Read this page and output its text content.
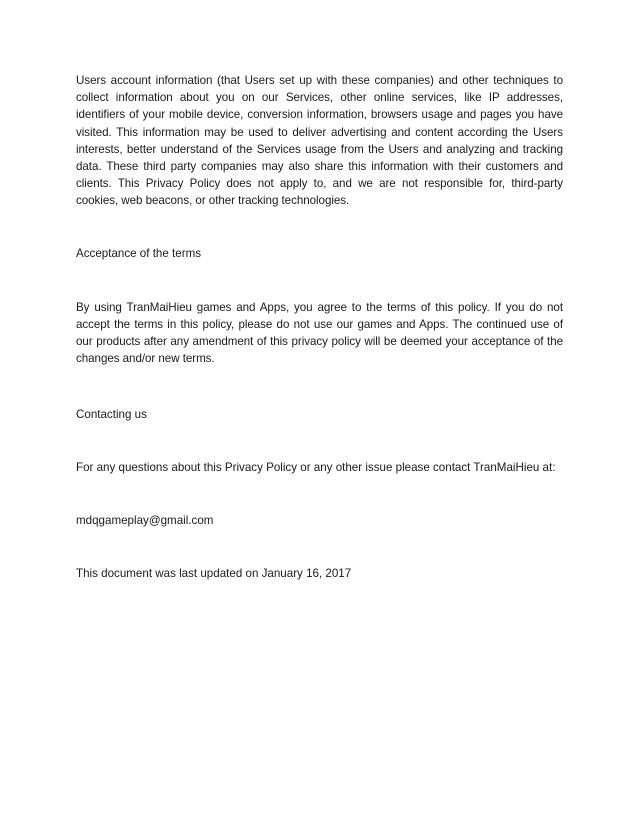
Users account information (that Users set up with these companies) and other techniques to collect information about you on our Services, other online services, like IP addresses, identifiers of your mobile device, conversion information, browsers usage and pages you have visited. This information may be used to deliver advertising and content according the Users interests, better understand of the Services usage from the Users and analyzing and tracking data. These third party companies may also share this information with their customers and clients. This Privacy Policy does not apply to, and we are not responsible for, third-party cookies, web beacons, or other tracking technologies.

Acceptance of the terms

By using TranMaiHieu games and Apps, you agree to the terms of this policy. If you do not accept the terms in this policy, please do not use our games and Apps. The continued use of our products after any amendment of this privacy policy will be deemed your acceptance of the changes and/or new terms.

Contacting us

For any questions about this Privacy Policy or any other issue please contact TranMaiHieu at:

mdqgameplay@gmail.com

This document was last updated on January 16, 2017
